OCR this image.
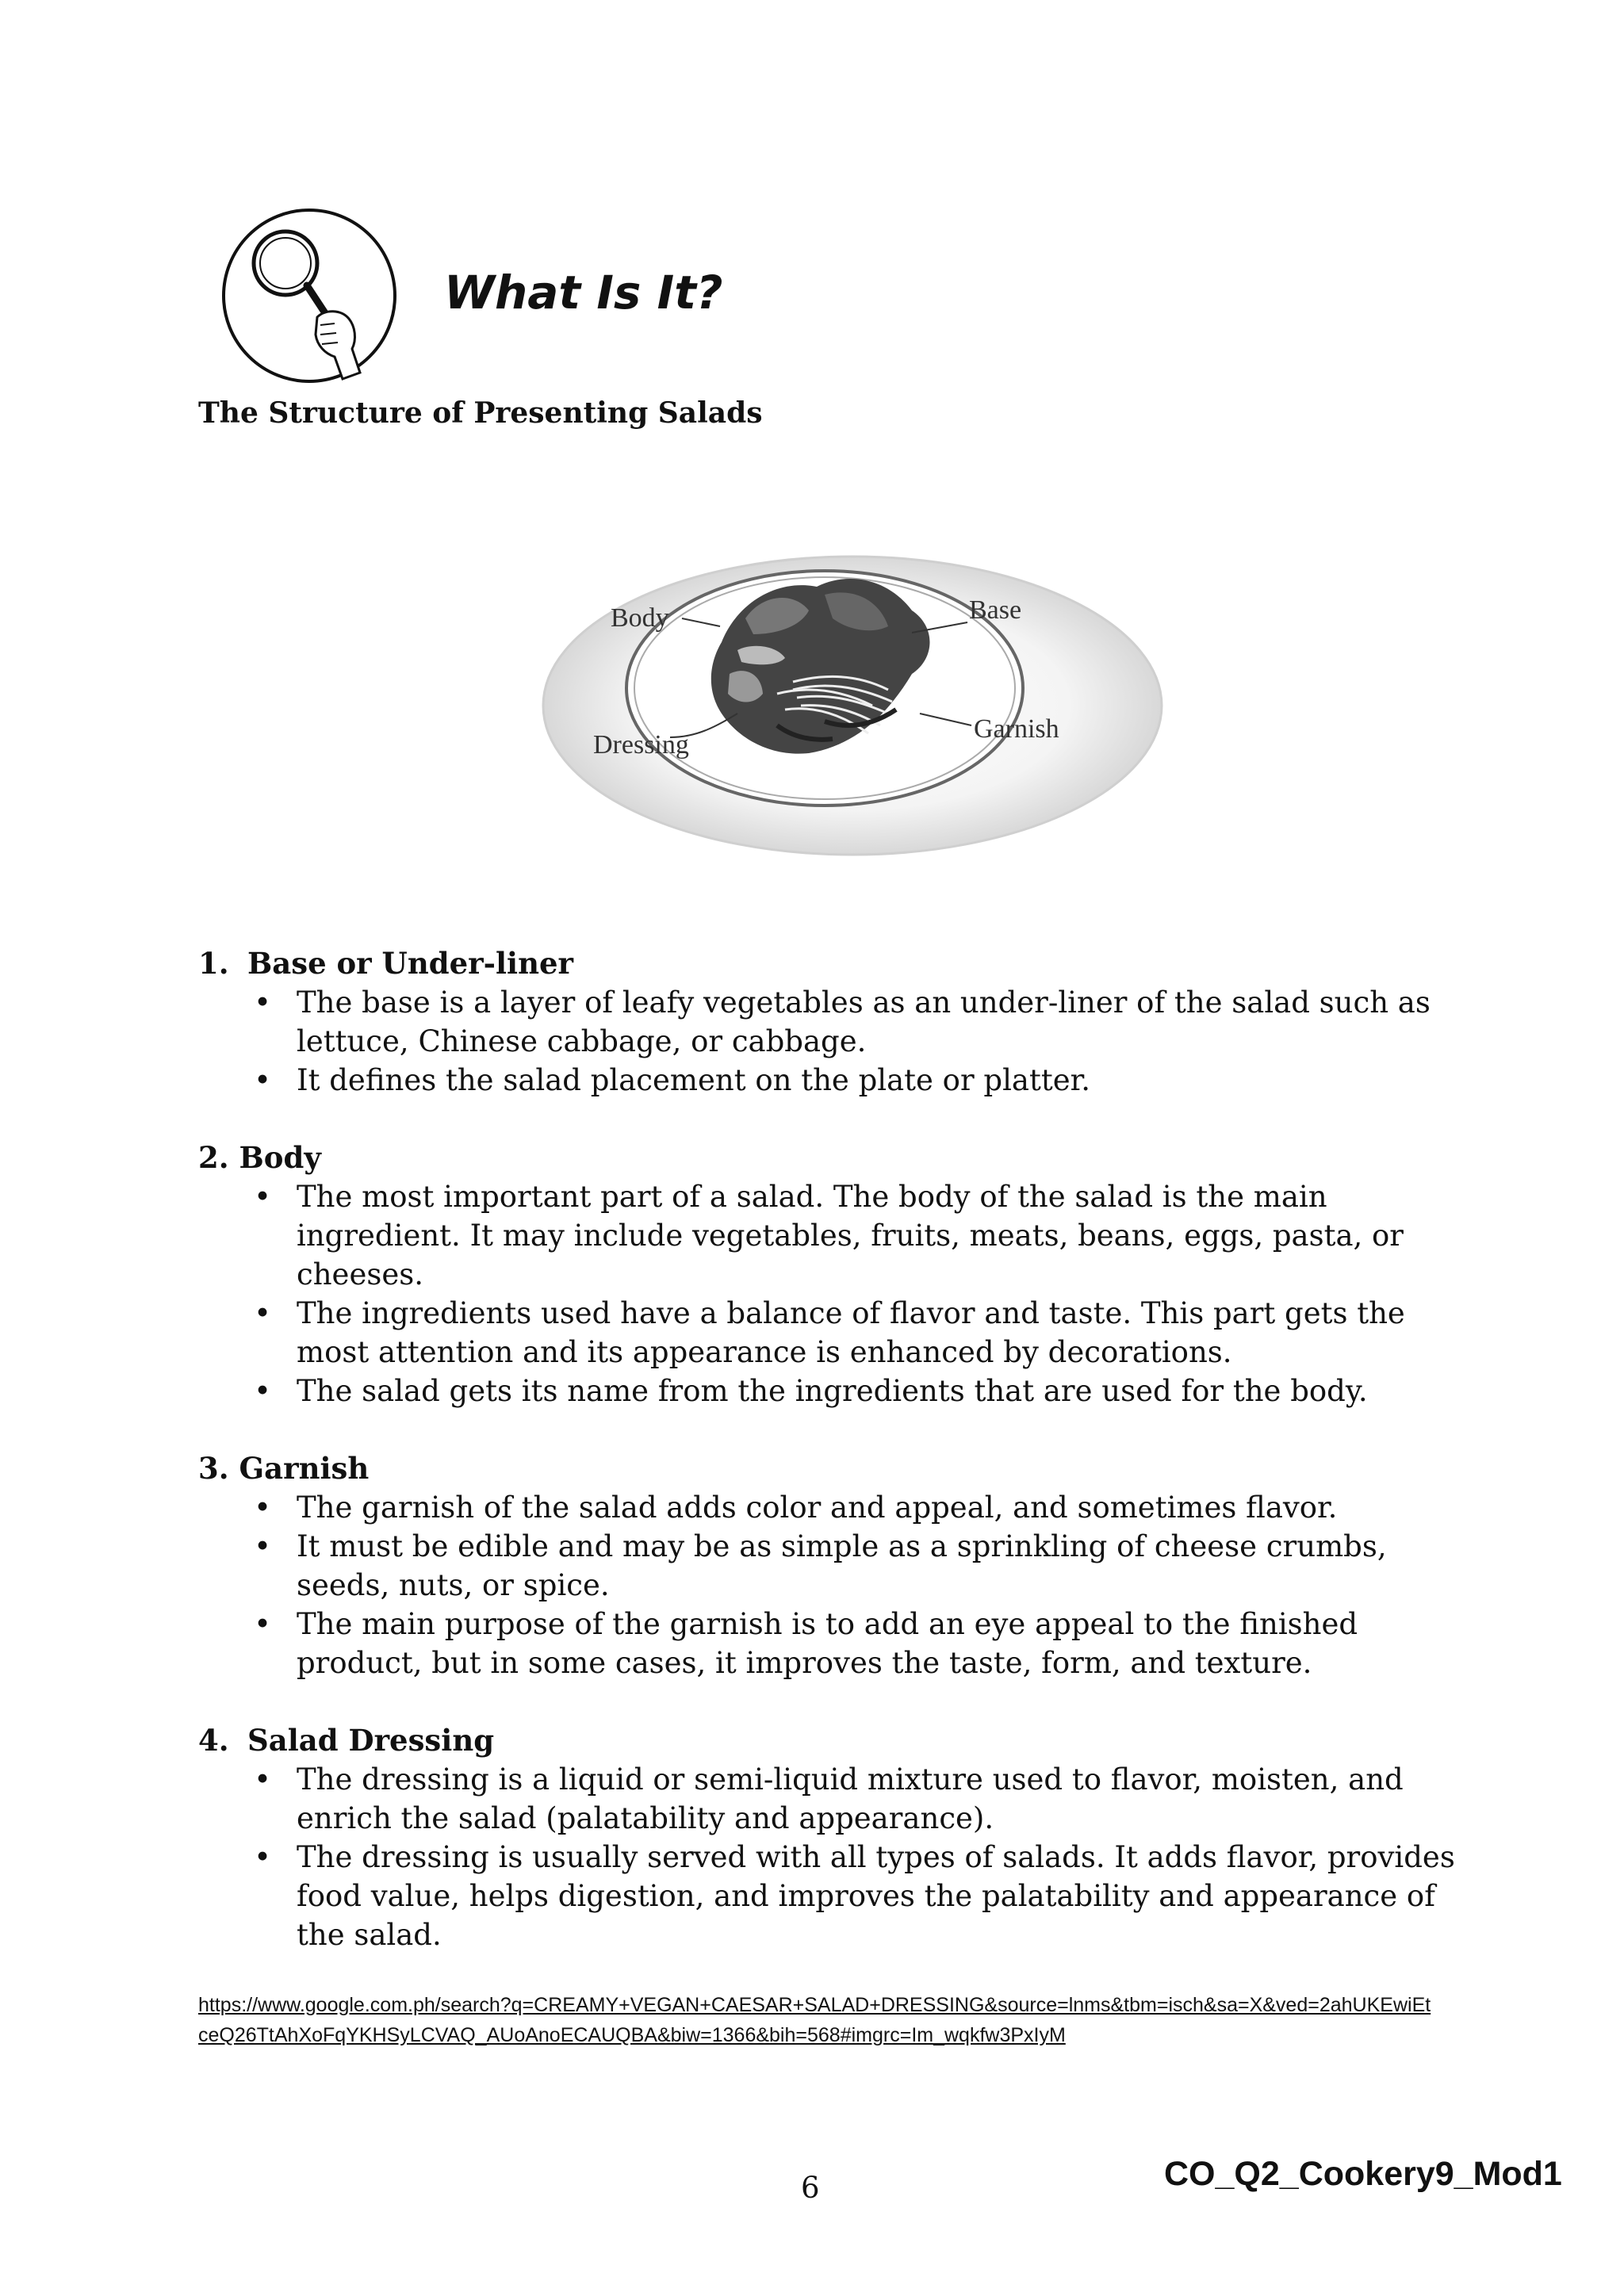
What Is It?
The Structure of Presenting Salads
Body	Base
Dressing
Garnish
1. Base or Under-liner
• The base is a layer of leafy vegetables as an under-liner of the salad such as lettuce, Chinese cabbage, or cabbage.
• It defines the salad placement on the plate or platter.
2. Body
• The most important part of a salad. The body of the salad is the main ingredient. It may include vegetables, fruits, meats, beans, eggs, pasta, or cheeses.
• The ingredients used have a balance of flavor and taste. This part gets the most attention and its appearance is enhanced by decorations.
• The salad gets its name from the ingredients that are used for the body.
3. Garnish
• The garnish of the salad adds color and appeal, and sometimes flavor.
• It must be edible and may be as simple as a sprinkling of cheese crumbs, seeds, nuts, or spice.
• The main purpose of the garnish is to add an eye appeal to the finished product, but in some cases, it improves the taste, form, and texture.
4. Salad Dressing
• The dressing is a liquid or semi-liquid mixture used to flavor, moisten, and enrich the salad (palatability and appearance).
• The dressing is usually served with all types of salads. It adds flavor, provides food value, helps digestion, and improves the palatability and appearance of the salad.
https://www.google.com.ph/search?q=CREAMY+VEGAN+CAESAR+SALAD+DRESSING&source=lnms&tbm=isch&sa=X&ved=2ahUKEwiEtceQ26TtAhXoFqYKHSyLCVAQ_AUoAnoECAUQBA&biw=1366&bih=568#imgrc=Im_wqkfw3PxIyM
6	CO_Q2_Cookery9_Mod1
